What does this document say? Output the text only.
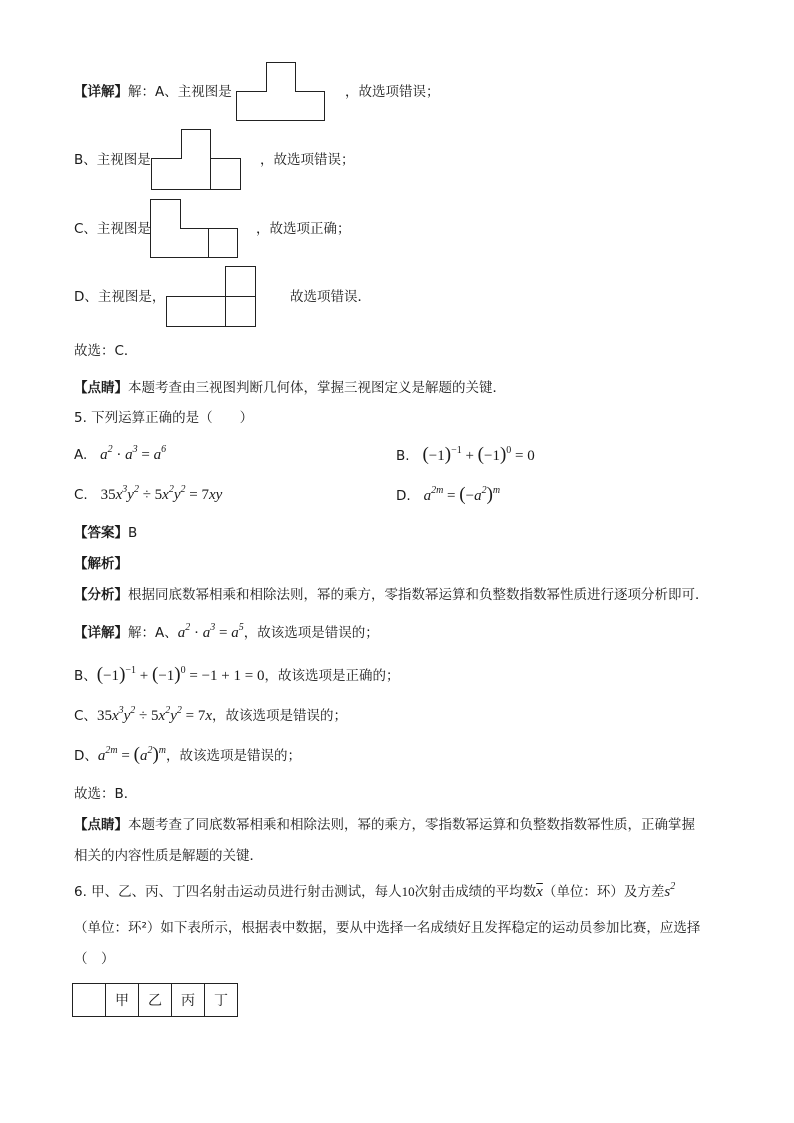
【详解】解：A、主视图是	，故选项错误；
B、主视图是	，故选项错误；
C、主视图是	，故选项正确；
D、主视图是，	故选项错误．
故选：C．
【点睛】本题考查由三视图判断几何体，掌握三视图定义是解题的关键．
5. 下列运算正确的是（　　）
A. $a^2 \cdot a^3 = a^6$	B. $(-1)^{-1} + (-1)^0 = 0$
C. $35x^3y^2 \div 5x^2y^2 = 7xy$	D. $a^{2m} = (-a^2)^m$
【答案】B
【解析】
【分析】根据同底数幂相乘和相除法则，幂的乘方，零指数幂运算和负整数指数幂性质进行逐项分析即可．
【详解】解：A、$a^2 \cdot a^3 = a^5$，故该选项是错误的；
B、$(-1)^{-1} + (-1)^0 = -1 + 1 = 0$，故该选项是正确的；
C、$35x^3y^2 \div 5x^2y^2 = 7x$，故该选项是错误的；
D、$a^{2m} = (a^2)^m$，故该选项是错误的；
故选：B．
【点睛】本题考查了同底数幂相乘和相除法则，幂的乘方，零指数幂运算和负整数指数幂性质，正确掌握
相关的内容性质是解题的关键．
6. 甲、乙、丙、丁四名射击运动员进行射击测试，每人10次射击成绩的平均数$\overline{x}$（单位：环）及方差$s^2$
（单位：环²）如下表所示，根据表中数据，要从中选择一名成绩好且发挥稳定的运动员参加比赛，应选择
（　）
	甲	乙	丙	丁
